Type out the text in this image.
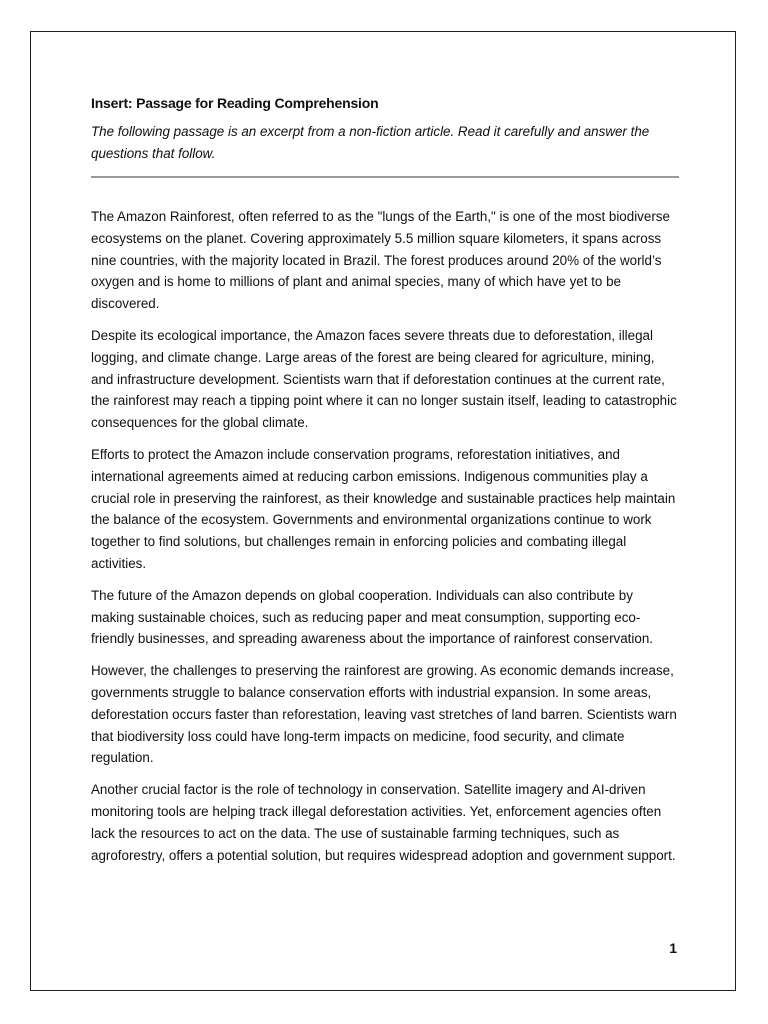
Insert: Passage for Reading Comprehension

The following passage is an excerpt from a non-fiction article. Read it carefully and answer the questions that follow.

The Amazon Rainforest, often referred to as the "lungs of the Earth," is one of the most biodiverse ecosystems on the planet. Covering approximately 5.5 million square kilometers, it spans across nine countries, with the majority located in Brazil. The forest produces around 20% of the world’s oxygen and is home to millions of plant and animal species, many of which have yet to be discovered.

Despite its ecological importance, the Amazon faces severe threats due to deforestation, illegal logging, and climate change. Large areas of the forest are being cleared for agriculture, mining, and infrastructure development. Scientists warn that if deforestation continues at the current rate, the rainforest may reach a tipping point where it can no longer sustain itself, leading to catastrophic consequences for the global climate.

Efforts to protect the Amazon include conservation programs, reforestation initiatives, and international agreements aimed at reducing carbon emissions. Indigenous communities play a crucial role in preserving the rainforest, as their knowledge and sustainable practices help maintain the balance of the ecosystem. Governments and environmental organizations continue to work together to find solutions, but challenges remain in enforcing policies and combating illegal activities.

The future of the Amazon depends on global cooperation. Individuals can also contribute by making sustainable choices, such as reducing paper and meat consumption, supporting eco-friendly businesses, and spreading awareness about the importance of rainforest conservation.

However, the challenges to preserving the rainforest are growing. As economic demands increase, governments struggle to balance conservation efforts with industrial expansion. In some areas, deforestation occurs faster than reforestation, leaving vast stretches of land barren. Scientists warn that biodiversity loss could have long-term impacts on medicine, food security, and climate regulation.

Another crucial factor is the role of technology in conservation. Satellite imagery and AI-driven monitoring tools are helping track illegal deforestation activities. Yet, enforcement agencies often lack the resources to act on the data. The use of sustainable farming techniques, such as agroforestry, offers a potential solution, but requires widespread adoption and government support.

1
